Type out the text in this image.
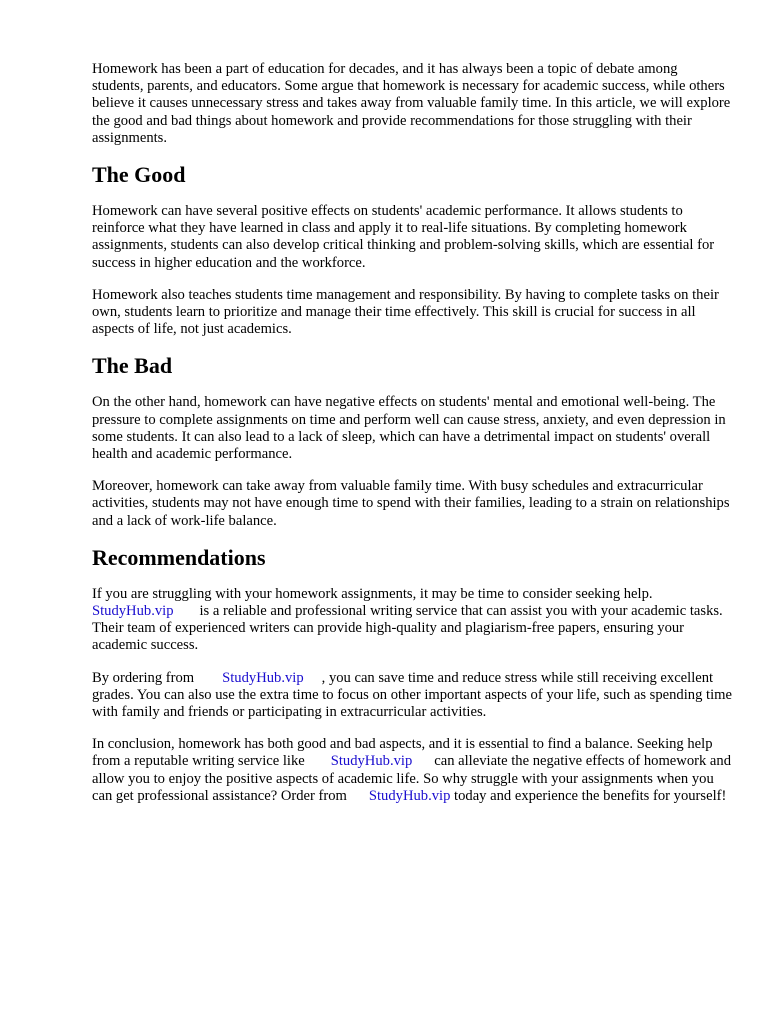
Homework has been a part of education for decades, and it has always been a topic of debate among students, parents, and educators. Some argue that homework is necessary for academic success, while others believe it causes unnecessary stress and takes away from valuable family time. In this article, we will explore the good and bad things about homework and provide recommendations for those struggling with their assignments.

The Good

Homework can have several positive effects on students' academic performance. It allows students to reinforce what they have learned in class and apply it to real-life situations. By completing homework assignments, students can also develop critical thinking and problem-solving skills, which are essential for success in higher education and the workforce.

Homework also teaches students time management and responsibility. By having to complete tasks on their own, students learn to prioritize and manage their time effectively. This skill is crucial for success in all aspects of life, not just academics.

The Bad

On the other hand, homework can have negative effects on students' mental and emotional well-being. The pressure to complete assignments on time and perform well can cause stress, anxiety, and even depression in some students. It can also lead to a lack of sleep, which can have a detrimental impact on students' overall health and academic performance.

Moreover, homework can take away from valuable family time. With busy schedules and extracurricular activities, students may not have enough time to spend with their families, leading to a strain on relationships and a lack of work-life balance.

Recommendations

If you are struggling with your homework assignments, it may be time to consider seeking help. StudyHub.vip is a reliable and professional writing service that can assist you with your academic tasks. Their team of experienced writers can provide high-quality and plagiarism-free papers, ensuring your academic success.

By ordering from StudyHub.vip , you can save time and reduce stress while still receiving excellent grades. You can also use the extra time to focus on other important aspects of your life, such as spending time with family and friends or participating in extracurricular activities.

In conclusion, homework has both good and bad aspects, and it is essential to find a balance. Seeking help from a reputable writing service like StudyHub.vip can alleviate the negative effects of homework and allow you to enjoy the positive aspects of academic life. So why struggle with your assignments when you can get professional assistance? Order from StudyHub.vip today and experience the benefits for yourself!
